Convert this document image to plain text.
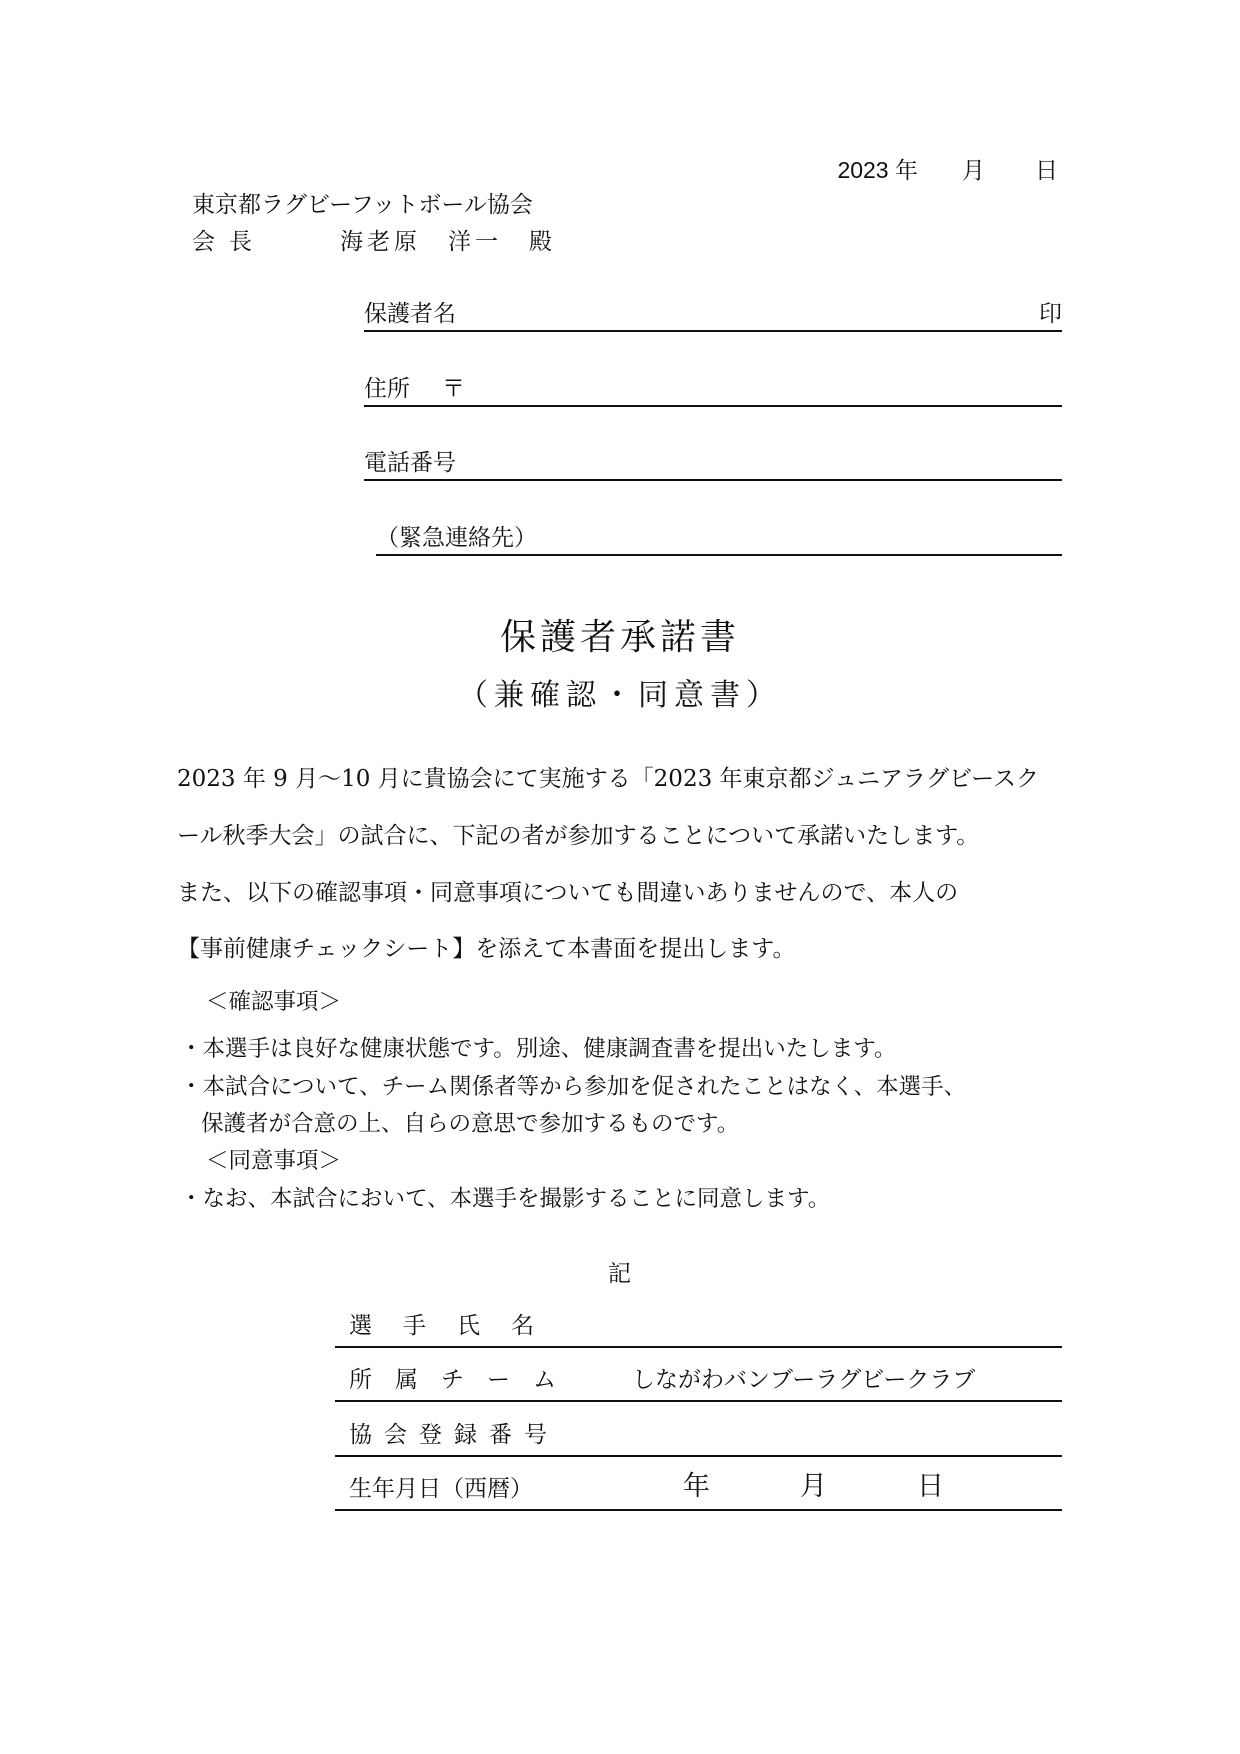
2023 年 月 日
東京都ラグビーフットボール協会
会長	海老原　洋一　殿
保護者名	印
住所 〒
電話番号
（緊急連絡先）
保護者承諾書
（兼確認・同意書）
2023 年 9 月～10 月に貴協会にて実施する「2023 年東京都ジュニアラグビースク
ール秋季大会」の試合に、下記の者が参加することについて承諾いたします。
また、以下の確認事項・同意事項についても間違いありませんので、本人の
【事前健康チェックシート】を添えて本書面を提出します。
＜確認事項＞
・本選手は良好な健康状態です。別途、健康調査書を提出いたします。
・本試合について、チーム関係者等から参加を促されたことはなく、本選手、
保護者が合意の上、自らの意思で参加するものです。
＜同意事項＞
・なお、本試合において、本選手を撮影することに同意します。
記
選手氏名
所属チーム しながわバンブーラグビークラブ
協会登録番号
生年月日（西暦）	年	月	日
